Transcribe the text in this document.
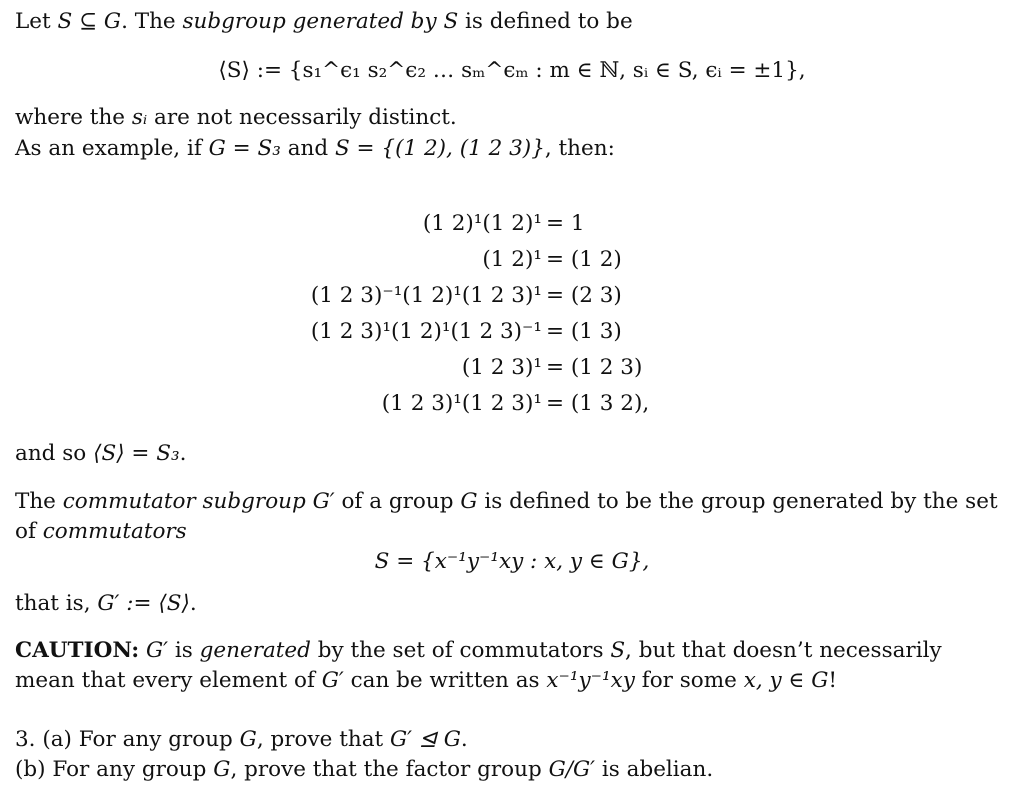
Let S ⊆ G. The subgroup generated by S is defined to be
⟨S⟩ := {s₁^ϵ₁ s₂^ϵ₂ … sₘ^ϵₘ : m ∈ ℕ, sᵢ ∈ S, ϵᵢ = ±1},
where the sᵢ are not necessarily distinct.
As an example, if G = S₃ and S = {(1 2), (1 2 3)}, then:
(1 2)¹(1 2)¹	= 1
(1 2)¹	= (1 2)
(1 2 3)⁻¹(1 2)¹(1 2 3)¹	= (2 3)
(1 2 3)¹(1 2)¹(1 2 3)⁻¹	= (1 3)
(1 2 3)¹	= (1 2 3)
(1 2 3)¹(1 2 3)¹	= (1 3 2),
and so ⟨S⟩ = S₃.
The commutator subgroup G′ of a group G is defined to be the group generated by the set
of commutators
S = {x⁻¹y⁻¹xy : x, y ∈ G},
that is, G′ := ⟨S⟩.
CAUTION: G′ is generated by the set of commutators S, but that doesn’t necessarily
mean that every element of G′ can be written as x⁻¹y⁻¹xy for some x, y ∈ G!
3. (a) For any group G, prove that G′ ⊴ G.
(b) For any group G, prove that the factor group G/G′ is abelian.
